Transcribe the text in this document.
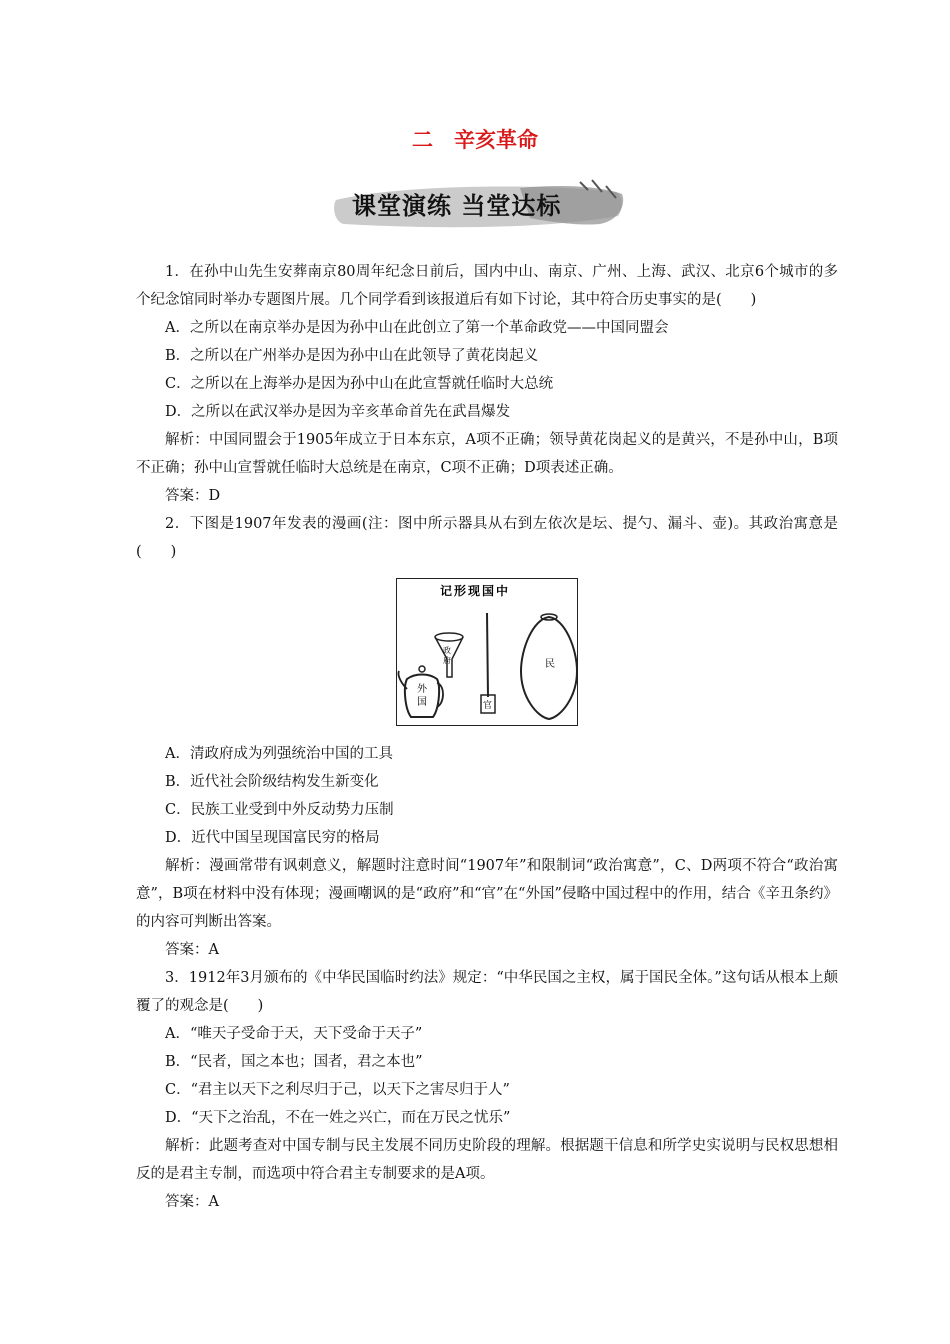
二　辛亥革命
课堂演练 当堂达标

1．在孙中山先生安葬南京80周年纪念日前后，国内中山、南京、广州、上海、武汉、北京6个城市的多个纪念馆同时举办专题图片展。几个同学看到该报道后有如下讨论，其中符合历史事实的是(　　)

A．之所以在南京举办是因为孙中山在此创立了第一个革命政党——中国同盟会

B．之所以在广州举办是因为孙中山在此领导了黄花岗起义

C．之所以在上海举办是因为孙中山在此宣誓就任临时大总统

D．之所以在武汉举办是因为辛亥革命首先在武昌爆发

解析：中国同盟会于1905年成立于日本东京，A项不正确；领导黄花岗起义的是黄兴，不是孙中山，B项不正确；孙中山宣誓就任临时大总统是在南京，C项不正确；D项表述正确。

答案：D

2．下图是1907年发表的漫画(注：图中所示器具从右到左依次是坛、提勺、漏斗、壶)。其政治寓意是(　　)

记形现国中
民
官
政
府
外
国

A．清政府成为列强统治中国的工具

B．近代社会阶级结构发生新变化

C．民族工业受到中外反动势力压制

D．近代中国呈现国富民穷的格局

解析：漫画常带有讽刺意义，解题时注意时间“1907年”和限制词“政治寓意”，C、D两项不符合“政治寓意”，B项在材料中没有体现；漫画嘲讽的是“政府”和“官”在“外国”侵略中国过程中的作用，结合《辛丑条约》的内容可判断出答案。

答案：A

3．1912年3月颁布的《中华民国临时约法》规定：“中华民国之主权，属于国民全体。”这句话从根本上颠覆了的观念是(　　)

A．“唯天子受命于天，天下受命于天子”

B．“民者，国之本也；国者，君之本也”

C．“君主以天下之利尽归于己，以天下之害尽归于人”

D．“天下之治乱，不在一姓之兴亡，而在万民之忧乐”

解析：此题考查对中国专制与民主发展不同历史阶段的理解。根据题干信息和所学史实说明与民权思想相反的是君主专制，而选项中符合君主专制要求的是A项。

答案：A
